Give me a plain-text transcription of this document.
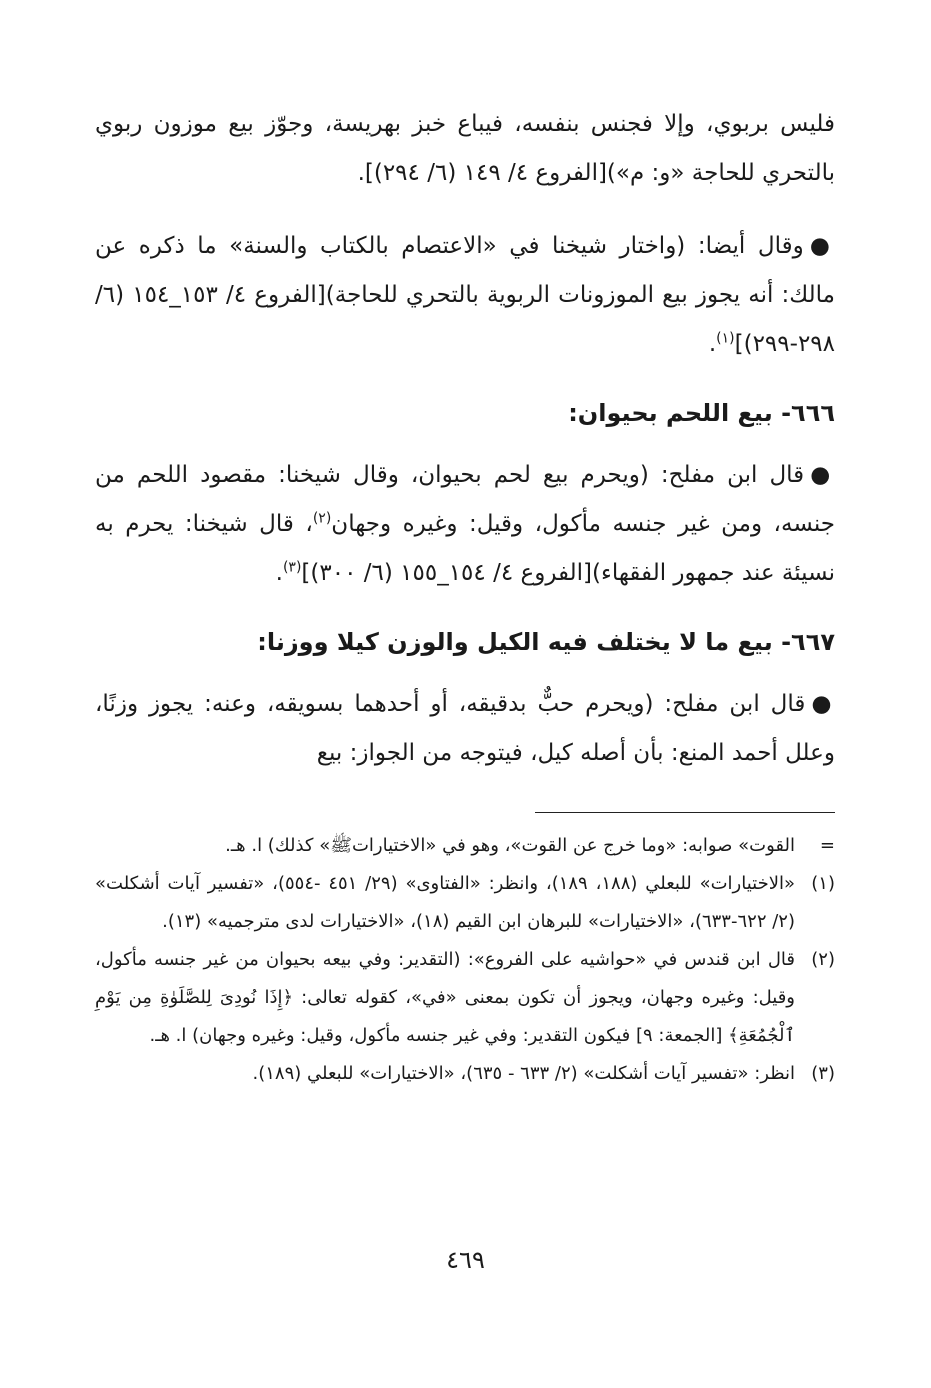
فليس بربوي، وإلا فجنس بنفسه، فيباع خبز بهريسة، وجوّز بيع موزون ربوي بالتحري للحاجة «و: م»)[الفروع ٤/ ١٤٩ (٦/ ٢٩٤)].

●وقال أيضا: (واختار شيخنا في «الاعتصام بالكتاب والسنة» ما ذكره عن مالك: أنه يجوز بيع الموزونات الربوية بالتحري للحاجة)[الفروع ٤/ ١٥٣_١٥٤ (٦/ ٢٩٨-٢٩٩)]$^{(١)}$.

٦٦٦- بيع اللحم بحيوان:

●قال ابن مفلح: (ويحرم بيع لحم بحيوان، وقال شيخنا: مقصود اللحم من جنسه، ومن غير جنسه مأكول، وقيل: وغيره وجهان$^{(٢)}$، قال شيخنا: يحرم به نسيئة عند جمهور الفقهاء)[الفروع ٤/ ١٥٤_١٥٥ (٦/ ٣٠٠)]$^{(٣)}$.

٦٦٧- بيع ما لا يختلف فيه الكيل والوزن كيلا ووزنا:

●قال ابن مفلح: (ويحرم حبٌّ بدقيقه، أو أحدهما بسويقه، وعنه: يجوز وزنًا، وعلل أحمد المنع: بأن أصله كيل، فيتوجه من الجواز: بيع

=
القوت» صوابه: «وما خرج عن القوت»، وهو في «الاختياراتﷺ» كذلك) ا. هـ.
(١)
«الاختيارات» للبعلي (١٨٨، ١٨٩)، وانظر: «الفتاوى» (٢٩/ ٤٥١ -٥٥٤)، «تفسير آيات أشكلت» (٢/ ٦٢٢-٦٣٣)، «الاختيارات» للبرهان ابن القيم (١٨)، «الاختيارات لدى مترجميه» (١٣).
(٢)
قال ابن قندس في «حواشيه على الفروع»: (التقدير: وفي بيعه بحيوان من غير جنسه مأكول، وقيل: وغيره وجهان، ويجوز أن تكون بمعنى «في»، كقوله تعالى: ﴿إِذَا نُودِىَ لِلصَّلَوٰةِ مِن يَوْمِ ٱلْجُمُعَةِ﴾ [الجمعة: ٩] فيكون التقدير: وفي غير جنسه مأكول، وقيل: وغيره وجهان) ا. هـ.
(٣)
انظر: «تفسير آيات أشكلت» (٢/ ٦٣٣ - ٦٣٥)، «الاختيارات» للبعلي (١٨٩).
٤٦٩
